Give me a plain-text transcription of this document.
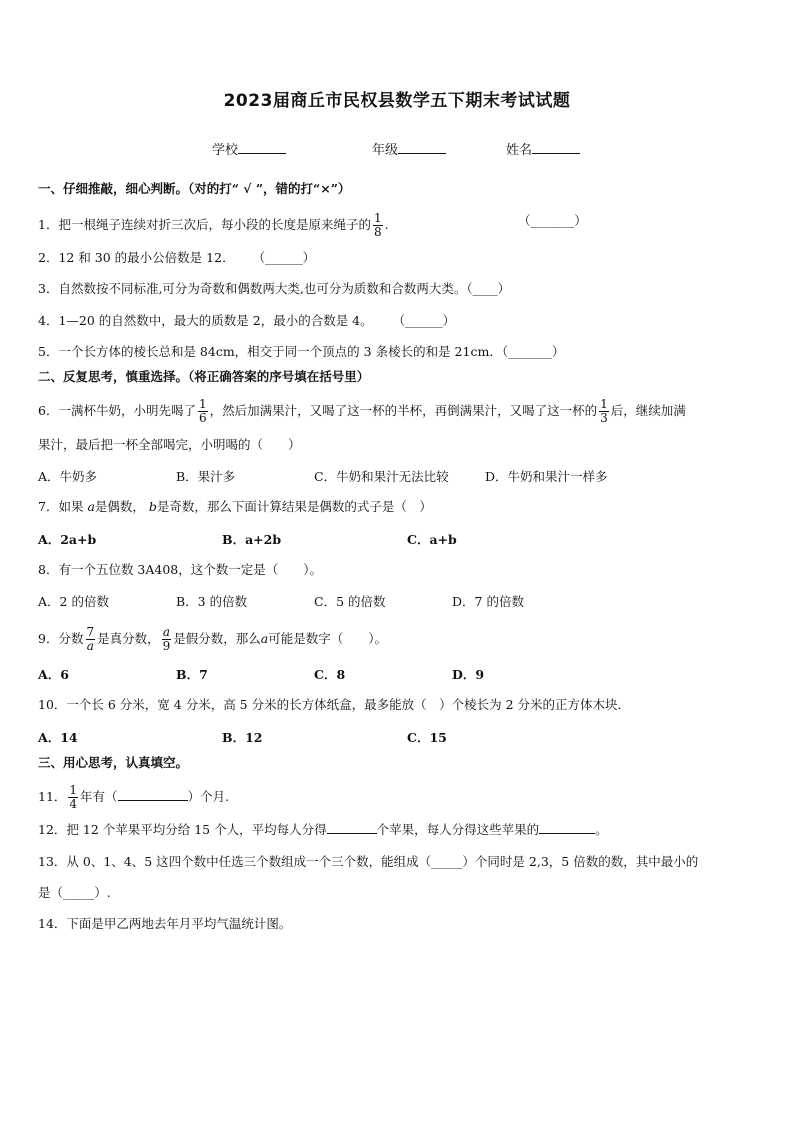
2023届商丘市民权县数学五下期末考试试题
学校	年级	姓名
一、仔细推敲，细心判断。（对的打“ √ ”，错的打“×”）
1．把一根绳子连续对折三次后，每小段的长度是原来绳子的 $\frac{1}{8}$ .	（_______）
2．12 和 30 的最小公倍数是 12． （______）
3．自然数按不同标准,可分为奇数和偶数两大类,也可分为质数和合数两大类。（____）
4．1—20 的自然数中，最大的质数是 2，最小的合数是 4。 （______）
5．一个长方体的棱长总和是 84cm，相交于同一个顶点的 3 条棱长的和是 21cm．（_______）
二、反复思考，慎重选择。（将正确答案的序号填在括号里）
6．一满杯牛奶，小明先喝了 $\frac{1}{6}$ ，然后加满果汁，又喝了这一杯的半杯，再倒满果汁，又喝了这一杯的 $\frac{1}{3}$ 后，继续加满
果汁，最后把一杯全部喝完，小明喝的（　　）
A．牛奶多	B．果汁多	C．牛奶和果汁无法比较	D．牛奶和果汁一样多
7．如果 a是偶数， b是奇数，那么下面计算结果是偶数的式子是（　）
A．2a+b	B．a+2b	C．a+b
8．有一个五位数 3A408，这个数一定是（　　）。
A．2 的倍数	B．3 的倍数	C．5 的倍数	D．7 的倍数
9．分数 $\frac{7}{a}$ 是真分数， $\frac{a}{9}$ 是假分数，那么a可能是数字（　　）。
A．6	B．7	C．8	D．9
10．一个长 6 分米，宽 4 分米，高 5 分米的长方体纸盒，最多能放（　）个棱长为 2 分米的正方体木块．
A．14	B．12	C．15
三、用心思考，认真填空。
11． $\frac{1}{4}$ 年有（	）个月.
12．把 12 个苹果平均分给 15 个人，平均每人分得	个苹果，每人分得这些苹果的	。
13．从 0、1、4、5 这四个数中任选三个数组成一个三个数，能组成（_____）个同时是 2,3，5 倍数的数，其中最小的
是（_____）.
14．下面是甲乙两地去年月平均气温统计图。
